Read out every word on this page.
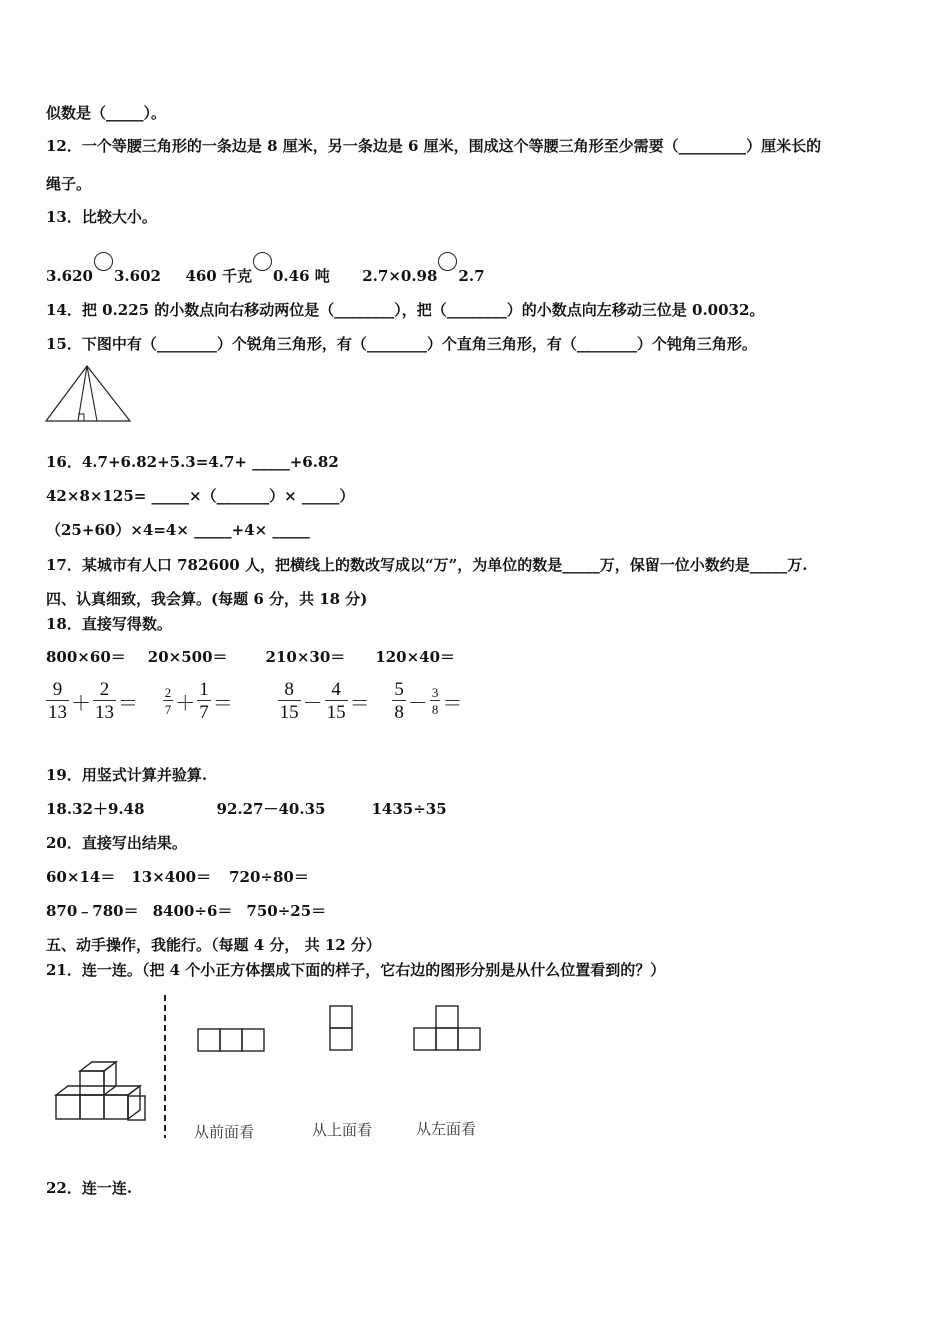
似数是（_____）。
12．一个等腰三角形的一条边是 8 厘米，另一条边是 6 厘米，围成这个等腰三角形至少需要（_________）厘米长的
绳子。
13．比较大小。
3.620 3.602 460 千克 0.46 吨 2.7×0.98 2.7
14．把 0.225 的小数点向右移动两位是（________），把（________）的小数点向左移动三位是 0.0032。
15．下图中有（________）个锐角三角形，有（________）个直角三角形，有（________）个钝角三角形。
16．4.7+6.82+5.3=4.7+ _____+6.82
42×8×125= _____×（_______）× _____）
（25+60）×4=4× _____+4× _____
17．某城市有人口 782600 人，把横线上的数改写成以“万”，为单位的数是_____万，保留一位小数约是_____万.
四、认真细致，我会算。(每题 6 分，共 18 分)
18．直接写得数。
800×60＝ 20×500＝	210×30＝ 120×40＝
$\frac{9}{13} + \frac{2}{13} = \frac{2}{7} + \frac{1}{7} = \frac{8}{15} - \frac{4}{15} = \frac{5}{8} - \frac{3}{8}$ ＝
19．用竖式计算并验算.
18.32＋9.48	92.27－40.35	1435÷35
20．直接写出结果。
60×14＝ 13×400＝ 720÷80＝
870﹣780＝ 8400÷6＝ 750÷25＝
五、动手操作，我能行。（每题 4 分， 共 12 分）
21．连一连。（把 4 个小正方体摆成下面的样子，它右边的图形分别是从什么位置看到的？）
从前面看	从上面看	从左面看
22．连一连.
